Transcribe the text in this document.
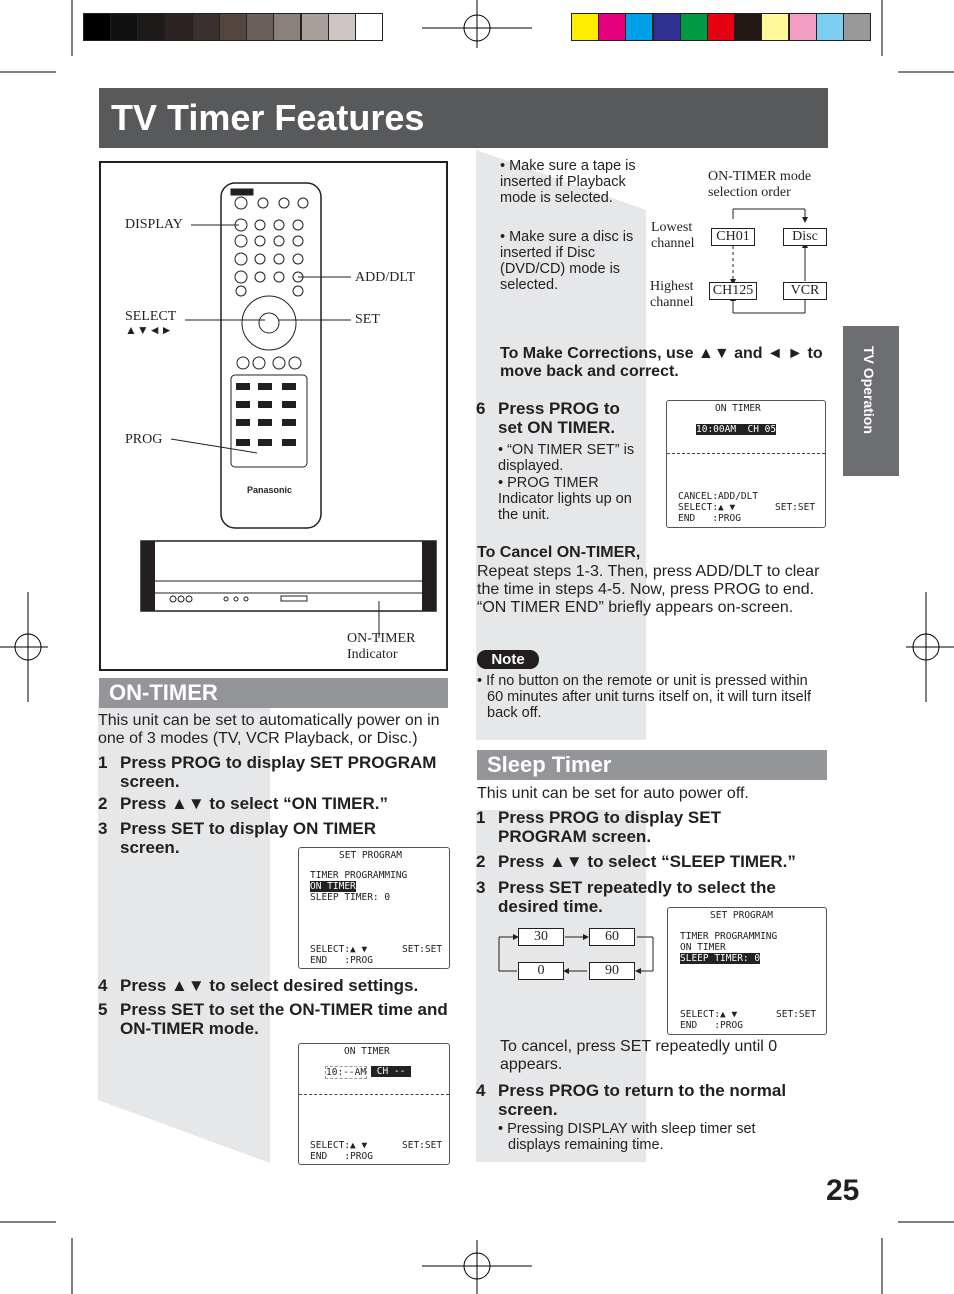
TV Timer Features
TV Operation
DISPLAY
SELECT
▲▼◄►
PROG
ADD/DLT
SET
Panasonic
ON-TIMER
Indicator
ON-TIMER
This unit can be set to automatically power on in one of 3 modes (TV, VCR Playback, or Disc.)
1 Press PROG to display SET PROGRAM screen.
2 Press ▲▼ to select “ON TIMER.”
3 Press SET to display ON TIMER screen.	SET PROGRAM
TIMER PROGRAMMING
ON TIMER
SLEEP TIMER: 0
SELECT:▲ ▼	SET:SET
END   :PROG
4 Press ▲▼ to select desired settings.
5 Press SET to set the ON-TIMER time and ON-TIMER mode.
ON TIMER
10:--AM CH --
SELECT:▲ ▼	SET:SET
END   :PROG
• Make sure a tape is inserted if Playback mode is selected.
• Make sure a disc is inserted if Disc (DVD/CD) mode is selected.
ON-TIMER mode
selection order
Lowest
channel
Highest
channel
CH01	Disc
CH125	VCR
To Make Corrections, use ▲▼ and ◄ ► to move back and correct.
6 Press PROG to set ON TIMER.
• “ON TIMER SET” is displayed.
• PROG TIMER Indicator lights up on the unit.
ON TIMER
10:00AM  CH 05
CANCEL:ADD/DLT
SELECT:▲ ▼	SET:SET
END   :PROG
To Cancel ON-TIMER,
Repeat steps 1-3. Then, press ADD/DLT to clear the time in steps 4-5. Now, press PROG to end. “ON TIMER END” briefly appears on-screen.
Note
• If no button on the remote or unit is pressed within 60 minutes after unit turns itself on, it will turn itself back off.
Sleep Timer
This unit can be set for auto power off.
1 Press PROG to display SET PROGRAM screen.
2 Press ▲▼ to select “SLEEP TIMER.”
3 Press SET repeatedly to select the desired time.
30	60
0	90
SET PROGRAM
TIMER PROGRAMMING
ON TIMER
SLEEP TIMER: 0
SELECT:▲ ▼	SET:SET
END   :PROG
To cancel, press SET repeatedly until 0 appears.
4 Press PROG to return to the normal screen.
• Pressing DISPLAY with sleep timer set displays remaining time.
25
